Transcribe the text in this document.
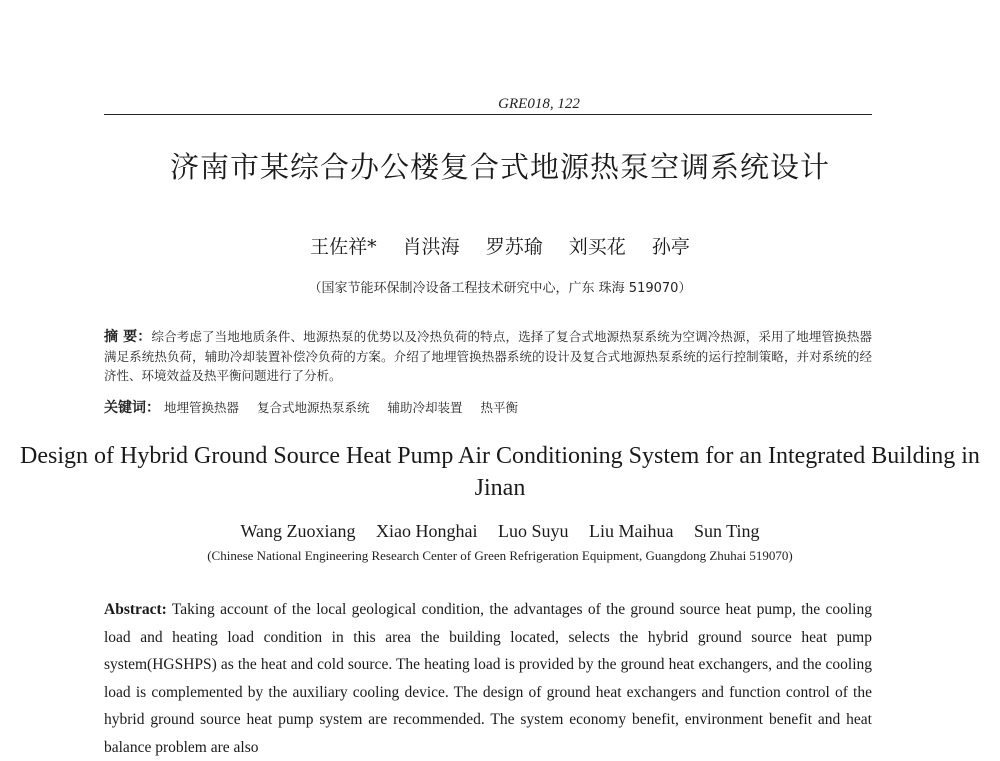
GRE018, 122
济南市某综合办公楼复合式地源热泵空调系统设计
王佐祥* 肖洪海 罗苏瑜 刘买花 孙亭
（国家节能环保制冷设备工程技术研究中心，广东 珠海 519070）
摘 要：综合考虑了当地地质条件、地源热泵的优势以及冷热负荷的特点，选择了复合式地源热泵系统为空调冷热源，采用了地埋管换热器满足系统热负荷，辅助冷却装置补偿冷负荷的方案。介绍了地埋管换热器系统的设计及复合式地源热泵系统的运行控制策略，并对系统的经济性、环境效益及热平衡问题进行了分析。
关键词： 地埋管换热器 复合式地源热泵系统 辅助冷却装置 热平衡
Design of Hybrid Ground Source Heat Pump Air Conditioning System for an Integrated Building in Jinan
Wang Zuoxiang Xiao Honghai Luo Suyu Liu Maihua Sun Ting
(Chinese National Engineering Research Center of Green Refrigeration Equipment, Guangdong Zhuhai 519070)
Abstract: Taking account of the local geological condition, the advantages of the ground source heat pump, the cooling load and heating load condition in this area the building located, selects the hybrid ground source heat pump system(HGSHPS) as the heat and cold source. The heating load is provided by the ground heat exchangers, and the cooling load is complemented by the auxiliary cooling device. The design of ground heat exchangers and function control of the hybrid ground source heat pump system are recommended. The system economy benefit, environment benefit and heat balance problem are also
